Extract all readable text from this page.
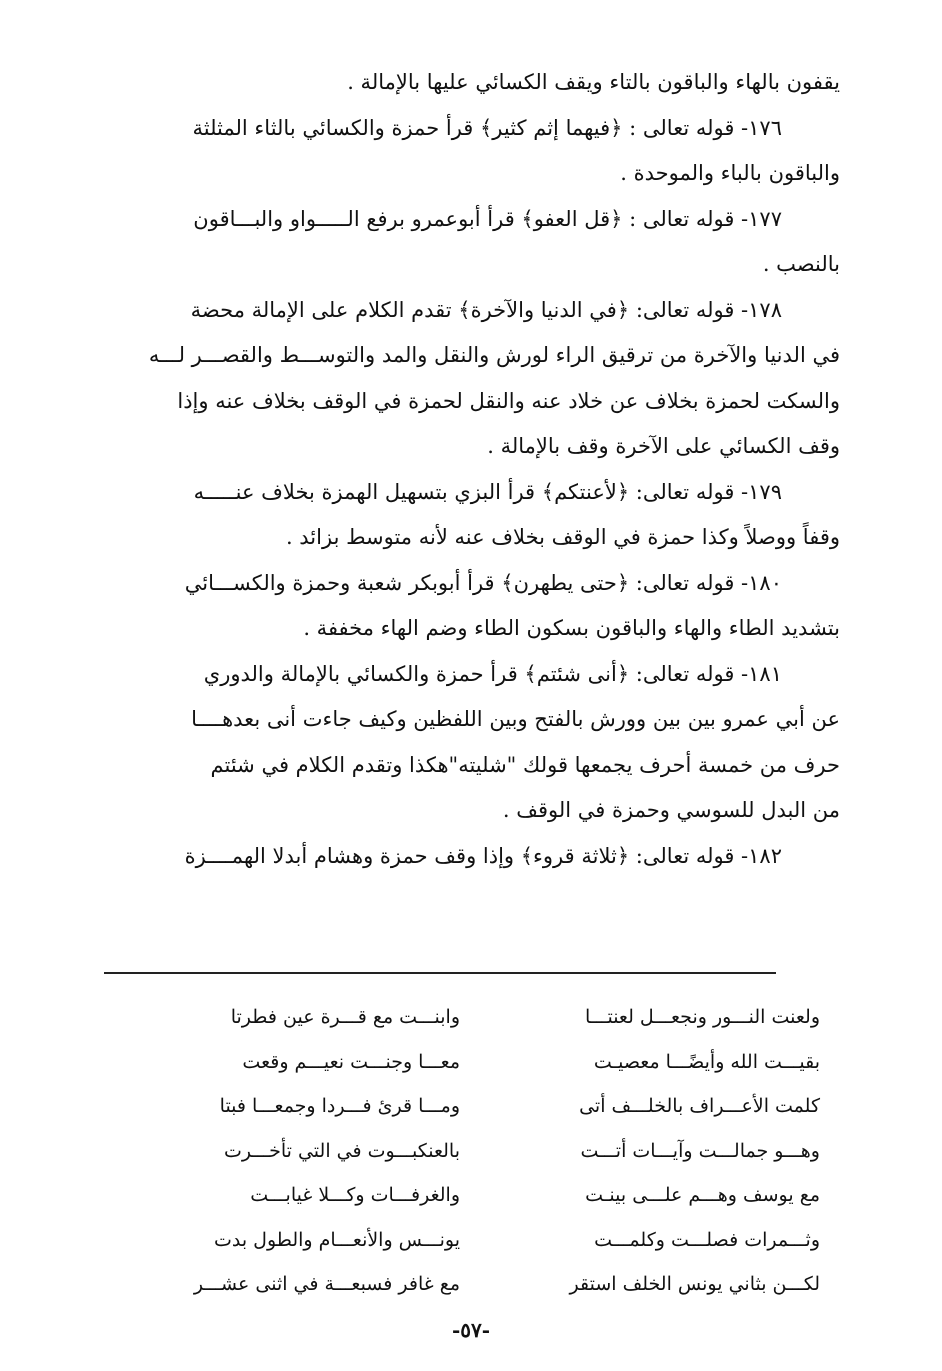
يقفون بالهاء والباقون بالتاء ويقف الكسائي عليها بالإمالة .

١٧٦- قوله تعالى : ﴿فيهما إثم كثير﴾ قرأ حمزة والكسائي بالثاء المثلثة
والباقون بالباء والموحدة .

١٧٧- قوله تعالى : ﴿قل العفو﴾ قرأ أبوعمرو برفع الـــــواو والبـــاقون
بالنصب .

١٧٨- قوله تعالى: ﴿في الدنيا والآخرة﴾ تقدم الكلام على الإمالة محضة
في الدنيا والآخرة من ترقيق الراء لورش والنقل والمد والتوســـط والقصـــر لـــه
والسكت لحمزة بخلاف عن خلاد عنه والنقل لحمزة في الوقف بخلاف عنه وإذا
وقف الكسائي على الآخرة وقف بالإمالة .

١٧٩- قوله تعالى: ﴿لأعنتكم﴾ قرأ البزي بتسهيل الهمزة بخلاف عنـــــه
وقفاً ووصلاً وكذا حمزة في الوقف بخلاف عنه لأنه متوسط بزائد .

١٨٠- قوله تعالى: ﴿حتى يطهرن﴾ قرأ أبوبكر شعبة وحمزة والكســـائي
بتشديد الطاء والهاء والباقون بسكون الطاء وضم الهاء مخففة .

١٨١- قوله تعالى: ﴿أنى شئتم﴾ قرأ حمزة والكسائي بالإمالة والدوري
عن أبي عمرو بين بين وورش بالفتح وبين اللفظين وكيف جاءت أنى بعدهــــا
حرف من خمسة أحرف يجمعها قولك "شليته"هكذا وتقدم الكلام في شئتم
من البدل للسوسي وحمزة في الوقف .

١٨٢- قوله تعالى: ﴿ثلاثة قروء﴾ وإذا وقف حمزة وهشام أبدلا الهمــــزة

ولعنت النـــور ونجعـــل لعنتـــا
وابنـــت مع قـــرة عين فطرتا
بقيـــت الله وأيضًـــا معصيـت
معـــا وجنـــت نعيـــم وقعت
كلمت الأعـــراف بالخلـــف أتى
ومـــا قرئ فـــردا وجمعـــا فبتا
وهـــو جمالـــت وآيـــات أتـــت
بالعنكبـــوت في التي تأخـــرت
مع يوسف وهـــم علـــى بينـت
والغرفـــات وكـــلا غيابـــت
وثـــمرات فصلـــت وكلمـــت
يونـــس والأنعـــام والطول بدت
لكـــن بثاني يونس الخلف استقر
مع غافر فسبعـــة في اثنى عشـــر
-٥٧-
